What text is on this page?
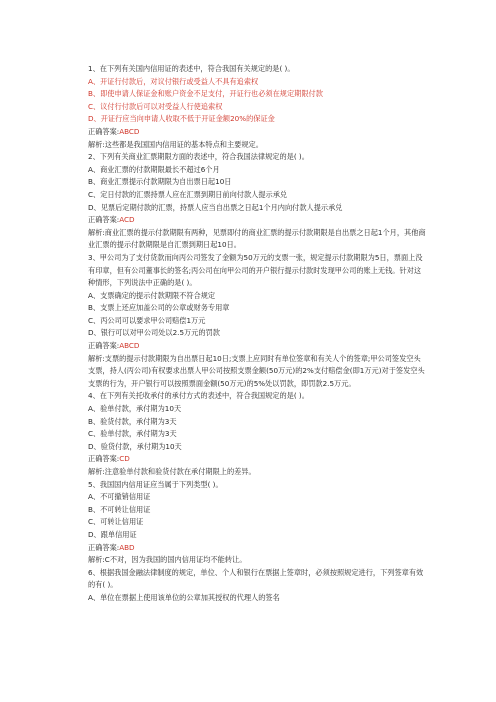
1、在下列有关国内信用证的表述中，符合我国有关规定的是( )。
A、开证行付款后，对议付银行或受益人不具有追索权
B、即使申请人保证金和账户资金不足支付，开证行也必须在规定期限付款
C、议付行付款后可以对受益人行使追索权
D、开证行应当向申请人收取不低于开证金额20%的保证金
正确答案:ABCD
解析:这些都是我国国内信用证的基本特点和主要规定。
2、下列有关商业汇票期限方面的表述中，符合我国法律规定的是( )。
A、商业汇票的付款期限最长不超过6个月
B、商业汇票提示付款期限为自出票日起10日
C、定日付款的汇票持票人应在汇票到期日前向付款人提示承兑
D、见票后定期付款的汇票，持票人应当自出票之日起1个月内向付款人提示承兑
正确答案:ACD
解析:商业汇票的提示付款期限有两种，见票即付的商业汇票的提示付款期限是自出票之日起1个月，其他商业汇票的提示付款期限是自汇票到期日起10日。
3、甲公司为了支付货款而向丙公司签发了金额为50万元的支票一张，规定提示付款期限为5日，票面上没有印章，但有公司董事长的签名;丙公司在向甲公司的开户银行提示付款时发现甲公司的账上无钱。针对这种情形，下列说法中正确的是( )。
A、支票确定的提示付款期限不符合规定
B、支票上还应加盖公司的公章或财务专用章
C、丙公司可以要求甲公司赔偿1万元
D、银行可以对甲公司处以2.5万元的罚款
正确答案:ABCD
解析:支票的提示付款期限为自出票日起10日;支票上应同时有单位签章和有关人个的签章;甲公司签发空头支票，持人(丙公司)有权要求出票人甲公司按照支票金额(50万元)的2%支付赔偿金(即1万元)对于签发空头支票的行为，开户银行可以按照票面金额(50万元)的5%处以罚款，即罚款2.5万元。
4、在下列有关托收承付的承付方式的表述中，符合我国规定的是( )。
A、验单付款，承付期为10天
B、验货付款，承付期为3天
C、验单付款，承付期为3天
D、验货付款，承付期为10天
正确答案:CD
解析:注意验单付款和验货付款在承付期限上的差异。
5、我国国内信用证应当属于下列类型( )。
A、不可撤销信用证
B、不可转让信用证
C、可转让信用证
D、跟单信用证
正确答案:ABD
解析:C不对，因为我国的国内信用证均不能转让。
6、根据我国金融法律制度的规定，单位、个人和银行在票据上签章时，必须按照规定进行，下列签章有效的有( )。
A、单位在票据上使用该单位的公章加其授权的代理人的签名
